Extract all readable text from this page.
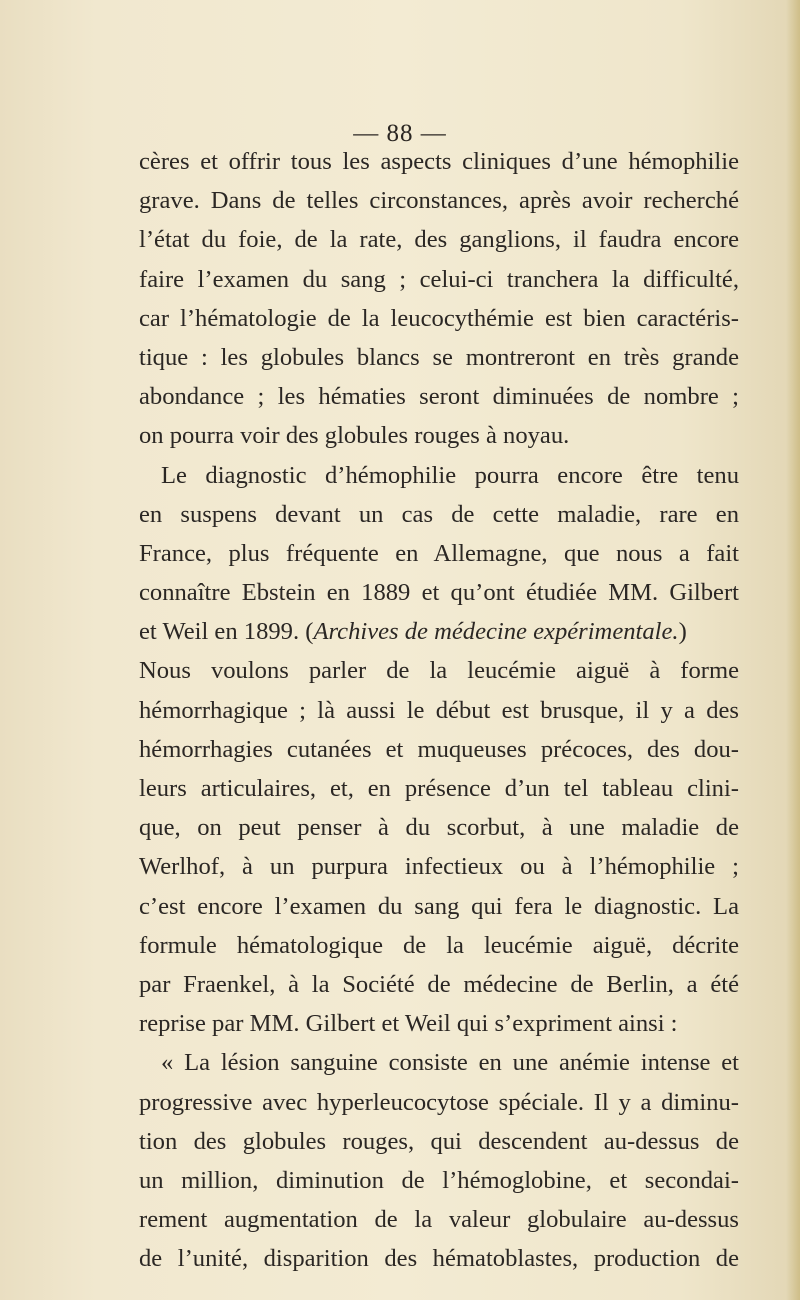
— 88 —
cères et offrir tous les aspects cliniques d’une hémophilie
grave. Dans de telles circonstances, après avoir recherché
l’état du foie, de la rate, des ganglions, il faudra encore
faire l’examen du sang ; celui-ci tranchera la difficulté,
car l’hématologie de la leucocythémie est bien caractéris-
tique : les globules blancs se montreront en très grande
abondance ; les hématies seront diminuées de nombre ;
on pourra voir des globules rouges à noyau.
Le diagnostic d’hémophilie pourra encore être tenu
en suspens devant un cas de cette maladie, rare en
France, plus fréquente en Allemagne, que nous a fait
connaître Ebstein en 1889 et qu’ont étudiée MM. Gilbert
et Weil en 1899. (Archives de médecine expérimentale.)
Nous voulons parler de la leucémie aiguë à forme
hémorrhagique ; là aussi le début est brusque, il y a des
hémorrhagies cutanées et muqueuses précoces, des dou-
leurs articulaires, et, en présence d’un tel tableau clini-
que, on peut penser à du scorbut, à une maladie de
Werlhof, à un purpura infectieux ou à l’hémophilie ;
c’est encore l’examen du sang qui fera le diagnostic. La
formule hématologique de la leucémie aiguë, décrite
par Fraenkel, à la Société de médecine de Berlin, a été
reprise par MM. Gilbert et Weil qui s’expriment ainsi :
« La lésion sanguine consiste en une anémie intense et
progressive avec hyperleucocytose spéciale. Il y a diminu-
tion des globules rouges, qui descendent au-dessus de
un million, diminution de l’hémoglobine, et secondai-
rement augmentation de la valeur globulaire au-dessus
de l’unité, disparition des hématoblastes, production de
